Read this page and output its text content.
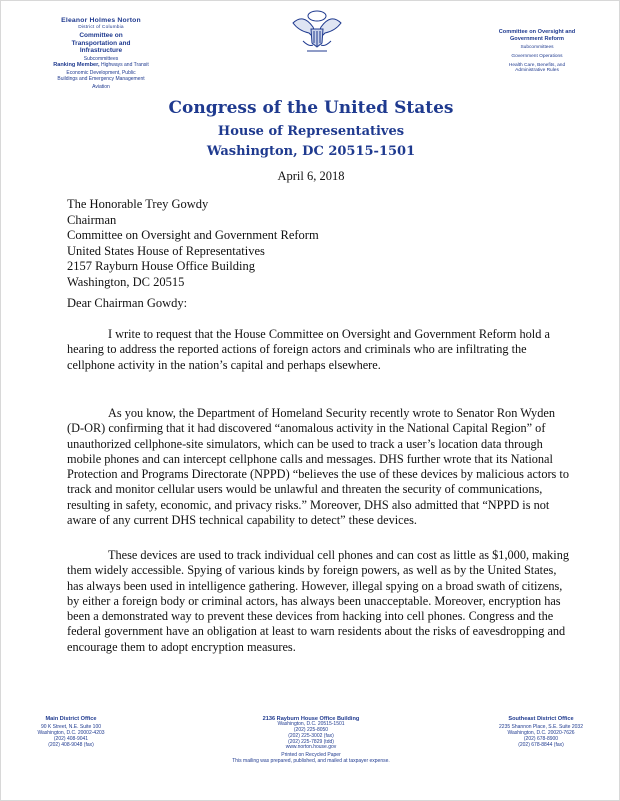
Eleanor Holmes Norton
District of Columbia
Committee on
Transportation and
Infrastructure
Subcommittees
Ranking Member, Highways and Transit
Economic Development, Public
Buildings and Emergency Management
Aviation
Committee on Oversight and
Government Reform
Subcommittees
Government Operations
Health Care, Benefits, and
Administrative Rules
Congress of the United States
House of Representatives
Washington, DC 20515-1501
April 6, 2018
The Honorable Trey Gowdy
Chairman
Committee on Oversight and Government Reform
United States House of Representatives
2157 Rayburn House Office Building
Washington, DC 20515
Dear Chairman Gowdy:
I write to request that the House Committee on Oversight and Government Reform hold a hearing to address the reported actions of foreign actors and criminals who are infiltrating the cellphone activity in the nation’s capital and perhaps elsewhere.
As you know, the Department of Homeland Security recently wrote to Senator Ron Wyden (D-OR) confirming that it had discovered “anomalous activity in the National Capital Region” of unauthorized cellphone-site simulators, which can be used to track a user’s location data through mobile phones and can intercept cellphone calls and messages. DHS further wrote that its National Protection and Programs Directorate (NPPD) “believes the use of these devices by malicious actors to track and monitor cellular users would be unlawful and threaten the security of communications, resulting in safety, economic, and privacy risks.” Moreover, DHS also admitted that “NPPD is not aware of any current DHS technical capability to detect” these devices.
These devices are used to track individual cell phones and can cost as little as $1,000, making them widely accessible. Spying of various kinds by foreign powers, as well as by the United States, has always been used in intelligence gathering. However, illegal spying on a broad swath of citizens, by either a foreign body or criminal actors, has always been unacceptable. Moreover, encryption has been a demonstrated way to prevent these devices from hacking into cell phones. Congress and the federal government have an obligation at least to warn residents about the risks of eavesdropping and encourage them to adopt encryption measures.
Main District Office
90 K Street, N.E. Suite 100
Washington, D.C. 20002-4203
(202) 408-9041
(202) 408-9048 (fax)
2136 Rayburn House Office Building
Washington, D.C. 20515-1501
(202) 225-8050
(202) 225-3002 (fax)
(202) 225-7829 (tdd)
www.norton.house.gov
Printed on Recycled Paper
This mailing was prepared, published, and mailed at taxpayer expense.
Southeast District Office
2235 Shannon Place, S.E. Suite 2032
Washington, D.C. 20020-7626
(202) 678-8900
(202) 678-8844 (fax)
